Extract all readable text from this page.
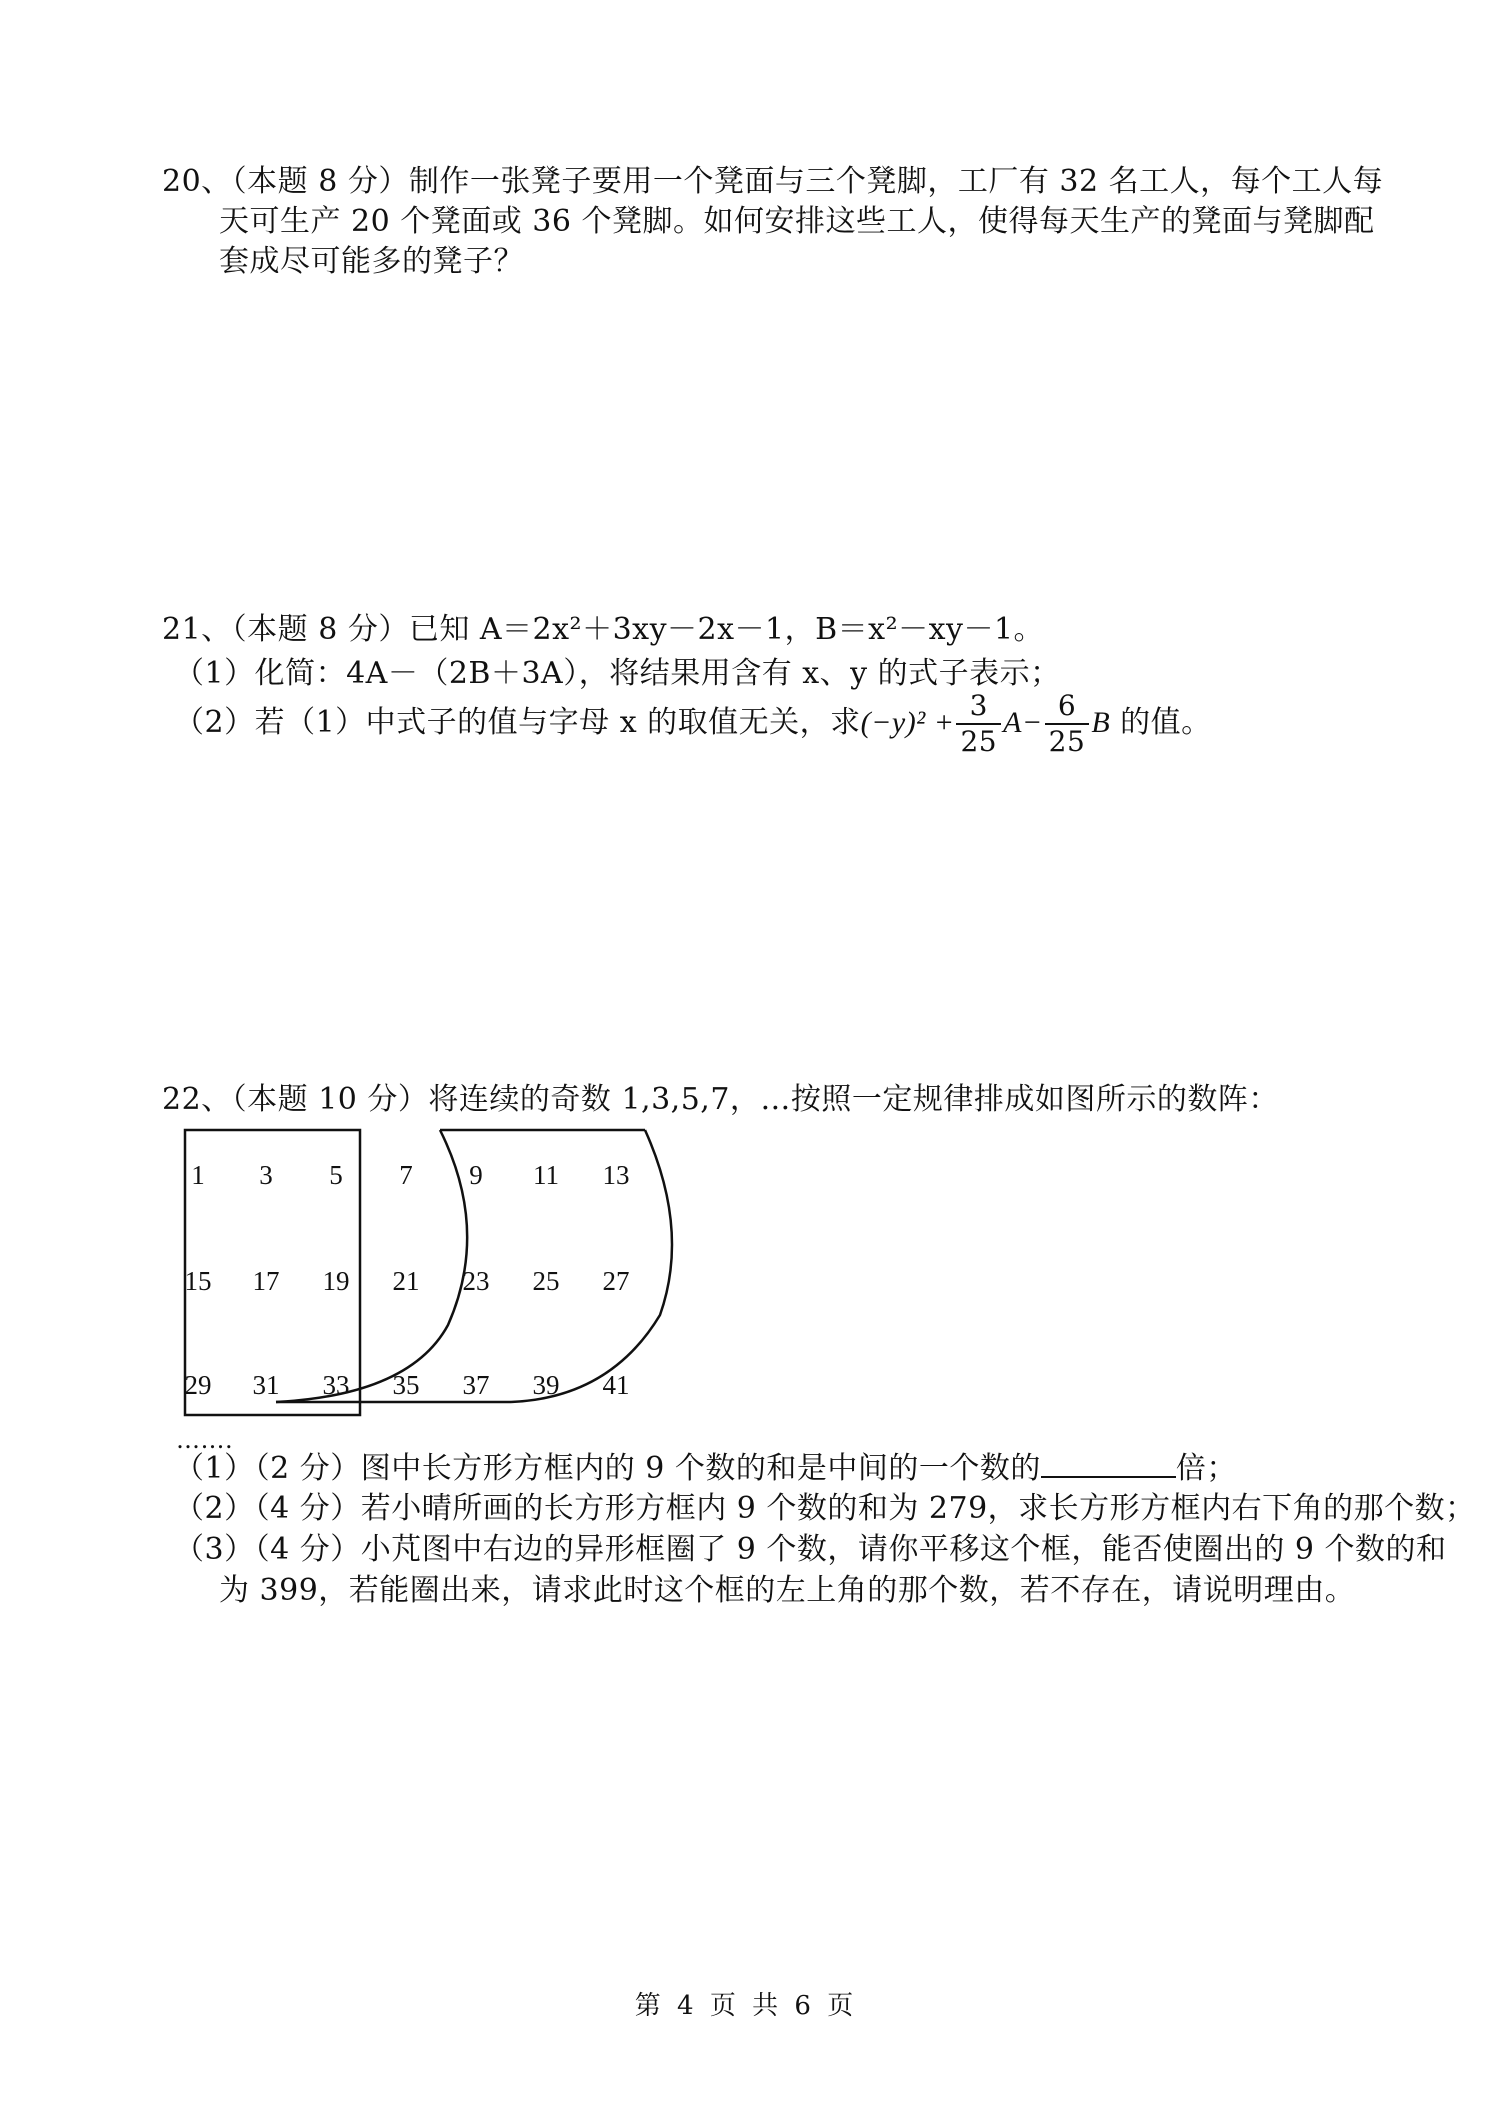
20、（本题 8 分）制作一张凳子要用一个凳面与三个凳脚，工厂有 32 名工人，每个工人每
天可生产 20 个凳面或 36 个凳脚。如何安排这些工人，使得每天生产的凳面与凳脚配
套成尽可能多的凳子？
21、（本题 8 分）已知 A＝2x²＋3xy－2x－1，B＝x²－xy－1。
（1）化简：4A－（2B＋3A），将结果用含有 x、y 的式子表示；
（2）若（1）中式子的值与字母 x 的取值无关，求$(-y)^2 + \frac{3}{25} A- \frac{6}{25}$ B 的值。
22、（本题 10 分）将连续的奇数 1,3,5,7，…按照一定规律排成如图所示的数阵：
1 3 5 7 9 11 13
15 17 19 21 23 25 27
29 31 33 35 37 39 41
…….
（1）（2 分）图中长方形方框内的 9 个数的和是中间的一个数的	倍；
（2）（4 分）若小晴所画的长方形方框内 9 个数的和为 279，求长方形方框内右下角的那个数；
（3）（4 分）小芃图中右边的异形框圈了 9 个数，请你平移这个框，能否使圈出的 9 个数的和
为 399，若能圈出来，请求此时这个框的左上角的那个数，若不存在，请说明理由。
第 4 页 共 6 页
